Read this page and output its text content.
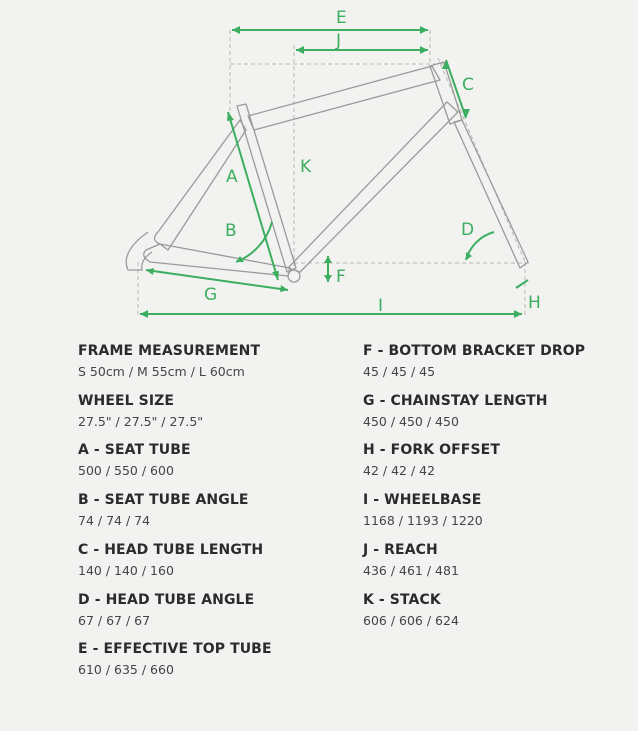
E
J
C
K
A
B	D
F
G
I	H
FRAME MEASUREMENT
S 50cm / M 55cm / L 60cm
WHEEL SIZE
27.5" / 27.5" / 27.5"
A - SEAT TUBE
500 / 550 / 600
B - SEAT TUBE ANGLE
74 / 74 / 74
C - HEAD TUBE LENGTH
140 / 140 / 160
D - HEAD TUBE ANGLE
67 / 67 / 67
E - EFFECTIVE TOP TUBE
610 / 635 / 660
F - BOTTOM BRACKET DROP
45 / 45 / 45
G - CHAINSTAY LENGTH
450 / 450 / 450
H - FORK OFFSET
42 / 42 / 42
I - WHEELBASE
1168 / 1193 / 1220
J - REACH
436 / 461 / 481
K - STACK
606 / 606 / 624
